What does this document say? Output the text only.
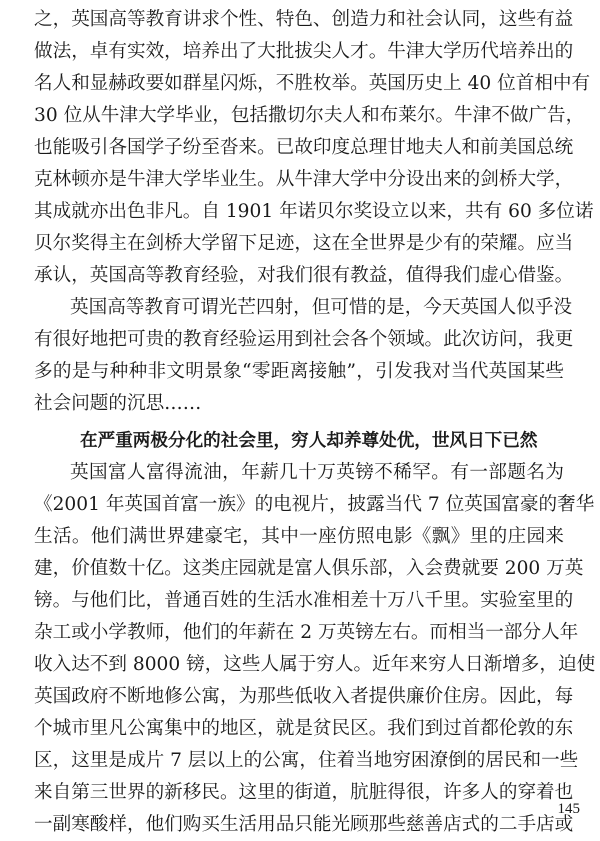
之，英国高等教育讲求个性、特色、创造力和社会认同，这些有益
做法，卓有实效，培养出了大批拔尖人才。牛津大学历代培养出的
名人和显赫政要如群星闪烁，不胜枚举。英国历史上 40 位首相中有
30 位从牛津大学毕业，包括撒切尔夫人和布莱尔。牛津不做广告，
也能吸引各国学子纷至沓来。已故印度总理甘地夫人和前美国总统
克林顿亦是牛津大学毕业生。从牛津大学中分设出来的剑桥大学，
其成就亦出色非凡。自 1901 年诺贝尔奖设立以来，共有 60 多位诺
贝尔奖得主在剑桥大学留下足迹，这在全世界是少有的荣耀。应当
承认，英国高等教育经验，对我们很有教益，值得我们虚心借鉴。
英国高等教育可谓光芒四射，但可惜的是，今天英国人似乎没
有很好地把可贵的教育经验运用到社会各个领域。此次访问，我更
多的是与种种非文明景象“零距离接触”，引发我对当代英国某些
社会问题的沉思……
在严重两极分化的社会里，穷人却养尊处优，世风日下已然
英国富人富得流油，年薪几十万英镑不稀罕。有一部题名为
《2001 年英国首富一族》的电视片，披露当代 7 位英国富豪的奢华
生活。他们满世界建豪宅，其中一座仿照电影《飘》里的庄园来
建，价值数十亿。这类庄园就是富人俱乐部，入会费就要 200 万英
镑。与他们比，普通百姓的生活水准相差十万八千里。实验室里的
杂工或小学教师，他们的年薪在 2 万英镑左右。而相当一部分人年
收入达不到 8000 镑，这些人属于穷人。近年来穷人日渐增多，迫使
英国政府不断地修公寓，为那些低收入者提供廉价住房。因此，每
个城市里凡公寓集中的地区，就是贫民区。我们到过首都伦敦的东
区，这里是成片 7 层以上的公寓，住着当地穷困潦倒的居民和一些
来自第三世界的新移民。这里的街道，肮脏得很，许多人的穿着也
一副寒酸样，他们购买生活用品只能光顾那些慈善店式的二手店或
145
